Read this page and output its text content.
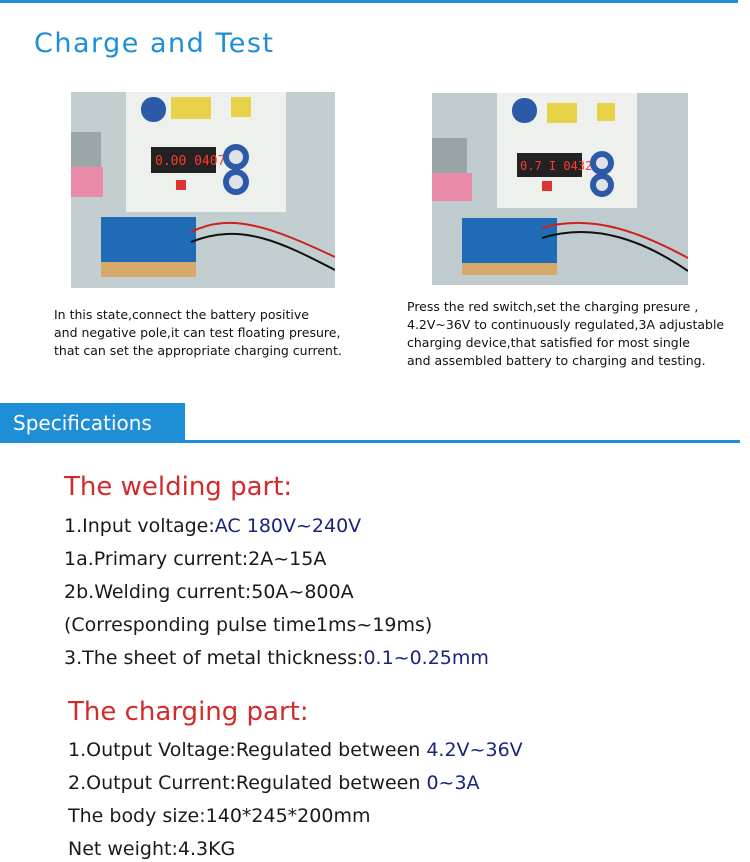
Charge and Test
0.00 0407	0.7 I 0432
In this state,connect the battery positive
and negative pole,it can test floating presure,
that can set the appropriate charging current.
Press the red switch,set the charging presure ,
4.2V~36V to continuously regulated,3A adjustable
charging device,that satisfied for most single
and assembled battery to charging and testing.
Specifications
The welding part:
1.Input voltage:AC 180V~240V
1a.Primary current:2A~15A
2b.Welding current:50A~800A
(Corresponding pulse time1ms~19ms)
3.The sheet of metal thickness:0.1~0.25mm
The charging part:
1.Output Voltage:Regulated between 4.2V~36V
2.Output Current:Regulated between 0~3A
The body size:140*245*200mm
Net weight:4.3KG
